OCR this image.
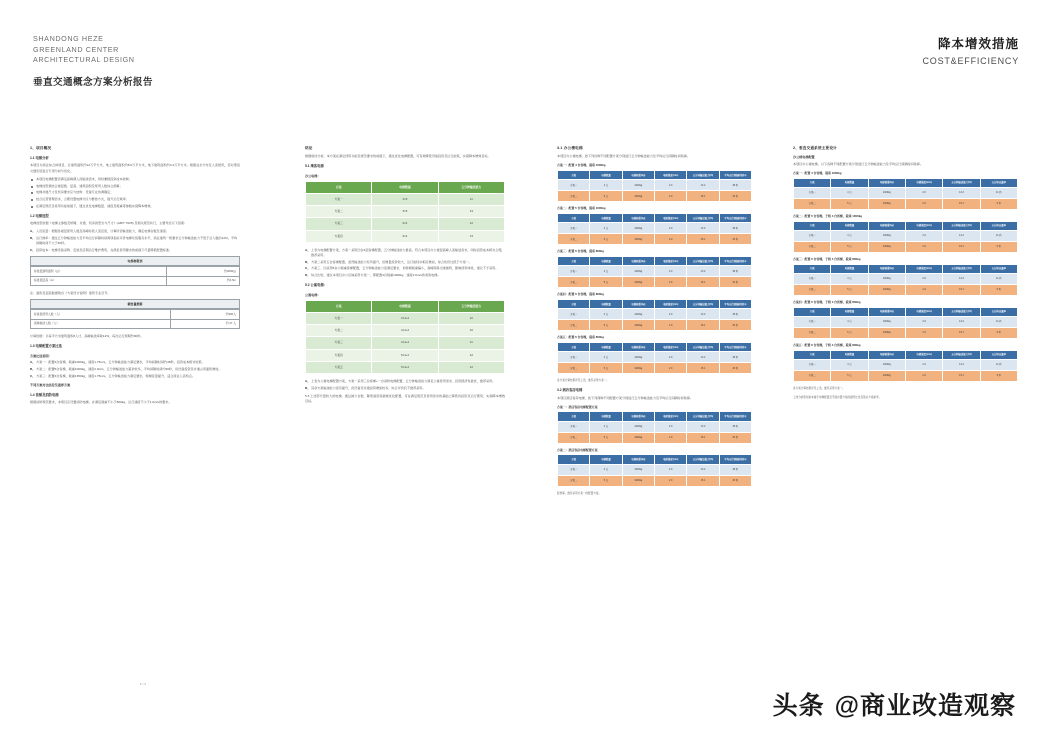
SHANDONG HEZE
GREENLAND CENTER
ARCHITECTURAL DESIGN
垂直交通概念方案分析报告
降本增效措施
COST&EFFICIENCY
1、项目概况
1.1 电梯分析

本项目为商业综合体项目，总建筑面积约12万平方米，地上建筑面积约8.6万平方米，地下建筑面积约3.4万平方米。根据业态分布及人流组织，需对垂直交通系统进行专项分析与优化。

本项目电梯配置需满足高峰期人流输送需求，同时兼顾投资成本控制；
电梯选型须结合楼层数、层高、建筑面积及使用人数综合测算；
电梯井道尺寸及机房要求应与结构、设备专业协调确定；
结合运营管理需求，合理设置电梯分区与群控方式，提升运行效率；
在满足规范及使用功能前提下，通过优化电梯数量、速度及载重等参数实现降本增效。
1.2 电梯选型

电梯选型依据《电梯主参数及轿厢、井道、机房的型式与尺寸》(GB/T 7025) 及相关规范执行，主要考虑以下因素：

A、 人员流量：根据各楼层使用人数及高峰时段人流密度，计算所需输送能力，确定电梯台数及速度。
B、 运行效率：通过五分钟输送能力及平均运行间隔时间两项指标评价电梯系统服务水平，商业建筑一般要求五分钟输送能力不低于总人数的12%，平均间隔时间不大于40秒。
C、 投资成本：电梯设备采购、安装及后期运行维护费用，在满足使用要求的前提下尽量降低配置标准。
电梯参数表
标准层建筑面积（㎡）	约2000㎡
标准层层高（m）	约4.5m

注：面积及层高数据取自《方案设计说明》建筑专业章节。

载客量测算
标准层使用人数（人）	约300人
高峰输送人数（人）	约 37 人

计算依据：以每平方米建筑面积8人计，高峰输送率取12%，每次运行周期约90秒。

1.3 电梯配置方案比选
方案比选说明：
A、 方案一：配置4台客梯，载重1000kg，速度1.75m/s，五分钟输送能力满足要求，平均间隔时间约38秒，投资成本相对较低。
B、 方案二：配置5台客梯，载重1000kg，速度2.0m/s，五分钟输送能力富余较多，平均间隔时间约30秒，但设备投资及井道占用面积增加。
C、 方案三：配置4台客梯，载重1350kg，速度1.75m/s，五分钟输送能力满足要求，轿厢容量提升，适合商业人流特点。
不同方案对比结论及推荐方案
1.4 货梯及消防电梯

根据消防规范要求，本项目应设置消防电梯，并满足载重不小于800kg、运行速度不小于1.0m/s的要求。

结论

根据前述分析，本方案在满足使用功能及规范要求的前提下，通过优化电梯配置，可有效降低设备投资及运行能耗，实现降本增效目标。

5.1 乘客电梯
办公电梯：
方案	电梯数量	五分钟输送能力
方案一	4×5	11
方案二	5×5	13
方案三	6×4	12
方案四	6×4	13
A、 上表为电梯配置方案，方案一采用四台4层客梯配置，五分钟输送能力最高，符合本项目办公楼层高峰人流输送需求，同时投资成本相对合理，推荐采用。
B、 方案二采用五台客梯配置，虽然输送能力有所提升，但增量投资较大，运行能耗亦相应增加，综合性价比低于方案一。
C、 方案三、四采用6台小载重客梯配置，五分钟输送能力虽满足要求，但轿厢载重偏小，高峰期易出现拥挤，影响使用体验，建议不予采用。
D、 综合比较，建议本项目办公区域采用方案一，即配置4台载重1000kg、速度2.0m/s的乘客电梯。
5.2 公寓电梯：
公寓电梯：
方案	电梯数量	五分钟输送能力
方案一	3×4+4	10
方案二	4×4+4	10
方案三	4×4+4	11
方案四	5×4+4	12
方案五	5×4+4	12
A、 上表为公寓电梯配置方案，方案一采用三台客梯+一台消防电梯配置，五分钟输送能力满足公寓使用需求，投资经济性最优，推荐采用。
B、 其余方案输送能力虽有提升，但设备及井道投资增加较多，综合评价后不推荐采用。

5.3 上述部分量较大的电梯，通过减少台数、降低速度等措施优化配置，可在满足规范及使用需求的基础上降低初投资及运行费用，实现降本增效目标。

3.1 办公楼电梯

本项目办公楼电梯，按下列四种不同配置方案分别进行五分钟输送能力及平均运行间隔时间验算。

方案一：配置 4 台客梯，载重 1000kg
方案	电梯数量	电梯载重(kg)	电梯速度(m/s)	五分钟输送能力(%)	平均运行间隔时间(s)
方案一	4 台	1000kg	2.0	13.2	38 秒
方案二	5 台	1000kg	2.0	15.1	30 秒
方案二：配置 5 台客梯，载重 1000kg
方案	电梯数量	电梯载重(kg)	电梯速度(m/s)	五分钟输送能力(%)	平均运行间隔时间(s)
方案一	4 台	1000kg	2.0	13.2	38 秒
方案二	5 台	1000kg	2.0	15.1	30 秒
方案三：配置 6 台客梯，载重 800kg
方案	电梯数量	电梯载重(kg)	电梯速度(m/s)	五分钟输送能力(%)	平均运行间隔时间(s)
方案一	4 台	1000kg	2.0	13.2	38 秒
方案二	5 台	1000kg	2.0	15.1	30 秒
方案四：配置 6 台客梯，载重 800kg
方案	电梯数量	电梯载重(kg)	电梯速度(m/s)	五分钟输送能力(%)	平均运行间隔时间(s)
方案一	4 台	1000kg	2.0	13.2	38 秒
方案二	5 台	1000kg	2.0	15.1	30 秒
方案五：配置 6 台客梯，载重 800kg
方案	电梯数量	电梯载重(kg)	电梯速度(m/s)	五分钟输送能力(%)	平均运行间隔时间(s)
方案一	4 台	1000kg	2.0	13.2	38 秒
方案二	5 台	1000kg	2.0	15.1	30 秒
各方案计算结果详见上表，推荐采用方案一。
3.2 酒店客房电梯

本项目酒店客房电梯，按下列两种不同配置方案分别进行五分钟输送能力及平均运行间隔时间验算。

方案一：酒店客房电梯配置方案
方案	电梯数量	电梯载重(kg)	电梯速度(m/s)	五分钟输送能力(%)	平均运行间隔时间(s)
方案一	4 台	1000kg	2.0	13.2	38 秒
方案二	5 台	1000kg	2.0	15.1	30 秒
方案二：酒店客房电梯配置方案
方案	电梯数量	电梯载重(kg)	电梯速度(m/s)	五分钟输送能力(%)	平均运行间隔时间(s)
方案一	4 台	1000kg	2.0	13.2	38 秒
方案二	5 台	1000kg	2.0	15.1	30 秒
经核算，推荐采用方案一的配置方案。
2、垂直交通系统主要设计
办公楼电梯配置

本项目办公楼电梯，以下各种不同配置方案分别进行五分钟输送能力及平均运行间隔时间验算。

方案一：配置 4 台客梯，载重 1000kg
方案	电梯数量	电梯载重(kg)	电梯速度(m/s)	五分钟输送能力(%)	五分钟运量率
方案一	4 台	1000kg	2.0	13.2	11 秒
方案二	5 台	1000kg	2.0	15.1	9 秒
方案二：配置 5 台客梯，于轿 4 台客梯，载重 1000kg
方案	电梯数量	电梯载重(kg)	电梯速度(m/s)	五分钟输送能力(%)	五分钟运量率
方案一	4 台	1000kg	2.0	13.2	11 秒
方案二	5 台	1000kg	2.0	15.1	9 秒
方案三：配置 6 台客梯，于轿 4 台客梯，载重 800kg
方案	电梯数量	电梯载重(kg)	电梯速度(m/s)	五分钟输送能力(%)	五分钟运量率
方案一	4 台	1000kg	2.0	13.2	11 秒
方案二	5 台	1000kg	2.0	15.1	9 秒
方案四：配置 6 台客梯，于轿 4 台客梯，载重 800kg
方案	电梯数量	电梯载重(kg)	电梯速度(m/s)	五分钟输送能力(%)	五分钟运量率
方案一	4 台	1000kg	2.0	13.2	11 秒
方案二	5 台	1000kg	2.0	15.1	9 秒
方案五：配置 6 台客梯，于轿 4 台客梯，载重 800kg
方案	电梯数量	电梯载重(kg)	电梯速度(m/s)	五分钟输送能力(%)	五分钟运量率
方案一	4 台	1000kg	2.0	13.2	11 秒
方案二	5 台	1000kg	2.0	15.1	9 秒
各方案计算结果详见上表，推荐采用方案一。
上述分析原则供本楼宇电梯配置及平面布置方案的最终比选及落实方案参考。
1 / 4
头条 @商业改造观察
